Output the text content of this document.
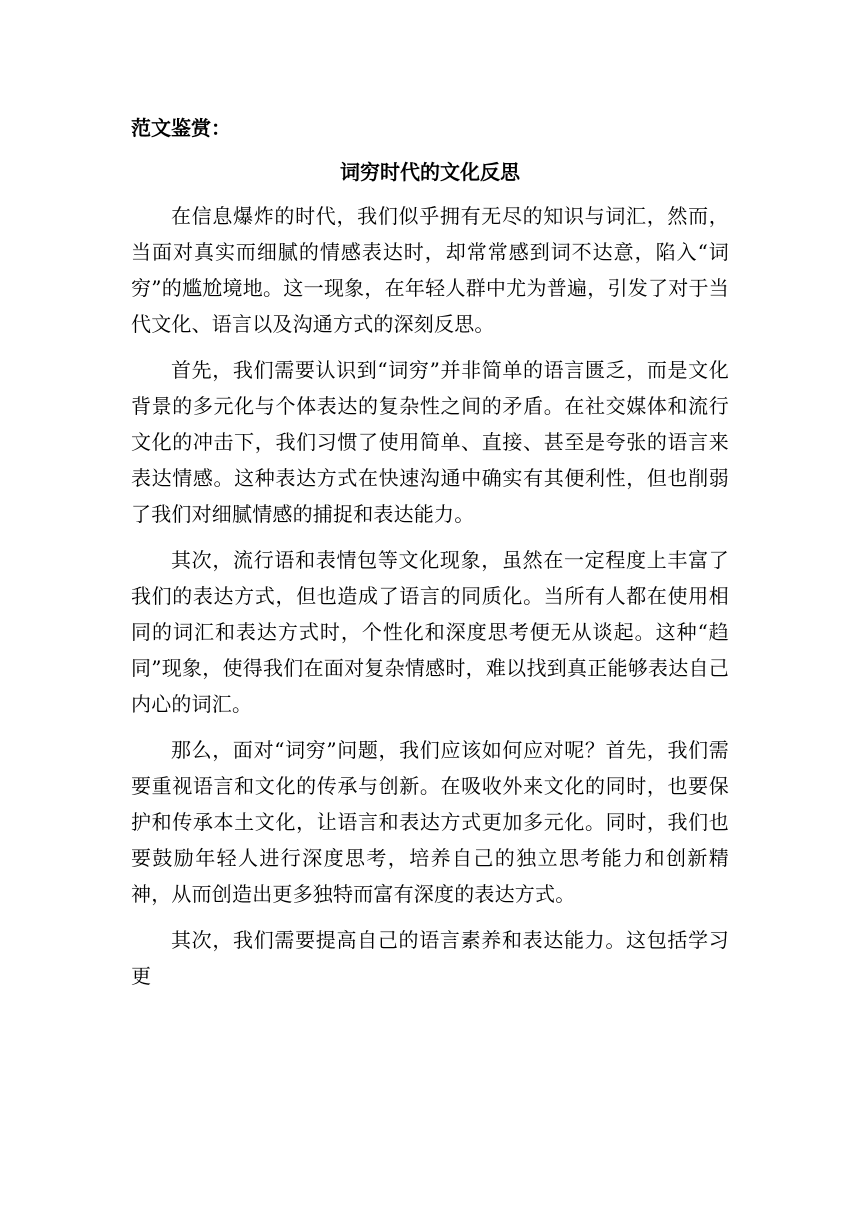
范文鉴赏：

词穷时代的文化反思

在信息爆炸的时代，我们似乎拥有无尽的知识与词汇，然而，当面对真实而细腻的情感表达时，却常常感到词不达意，陷入“词穷”的尴尬境地。这一现象，在年轻人群中尤为普遍，引发了对于当代文化、语言以及沟通方式的深刻反思。

首先，我们需要认识到“词穷”并非简单的语言匮乏，而是文化背景的多元化与个体表达的复杂性之间的矛盾。在社交媒体和流行文化的冲击下，我们习惯了使用简单、直接、甚至是夸张的语言来表达情感。这种表达方式在快速沟通中确实有其便利性，但也削弱了我们对细腻情感的捕捉和表达能力。

其次，流行语和表情包等文化现象，虽然在一定程度上丰富了我们的表达方式，但也造成了语言的同质化。当所有人都在使用相同的词汇和表达方式时，个性化和深度思考便无从谈起。这种“趋同”现象，使得我们在面对复杂情感时，难以找到真正能够表达自己内心的词汇。

那么，面对“词穷”问题，我们应该如何应对呢？首先，我们需要重视语言和文化的传承与创新。在吸收外来文化的同时，也要保护和传承本土文化，让语言和表达方式更加多元化。同时，我们也要鼓励年轻人进行深度思考，培养自己的独立思考能力和创新精神，从而创造出更多独特而富有深度的表达方式。

其次，我们需要提高自己的语言素养和表达能力。这包括学习更
